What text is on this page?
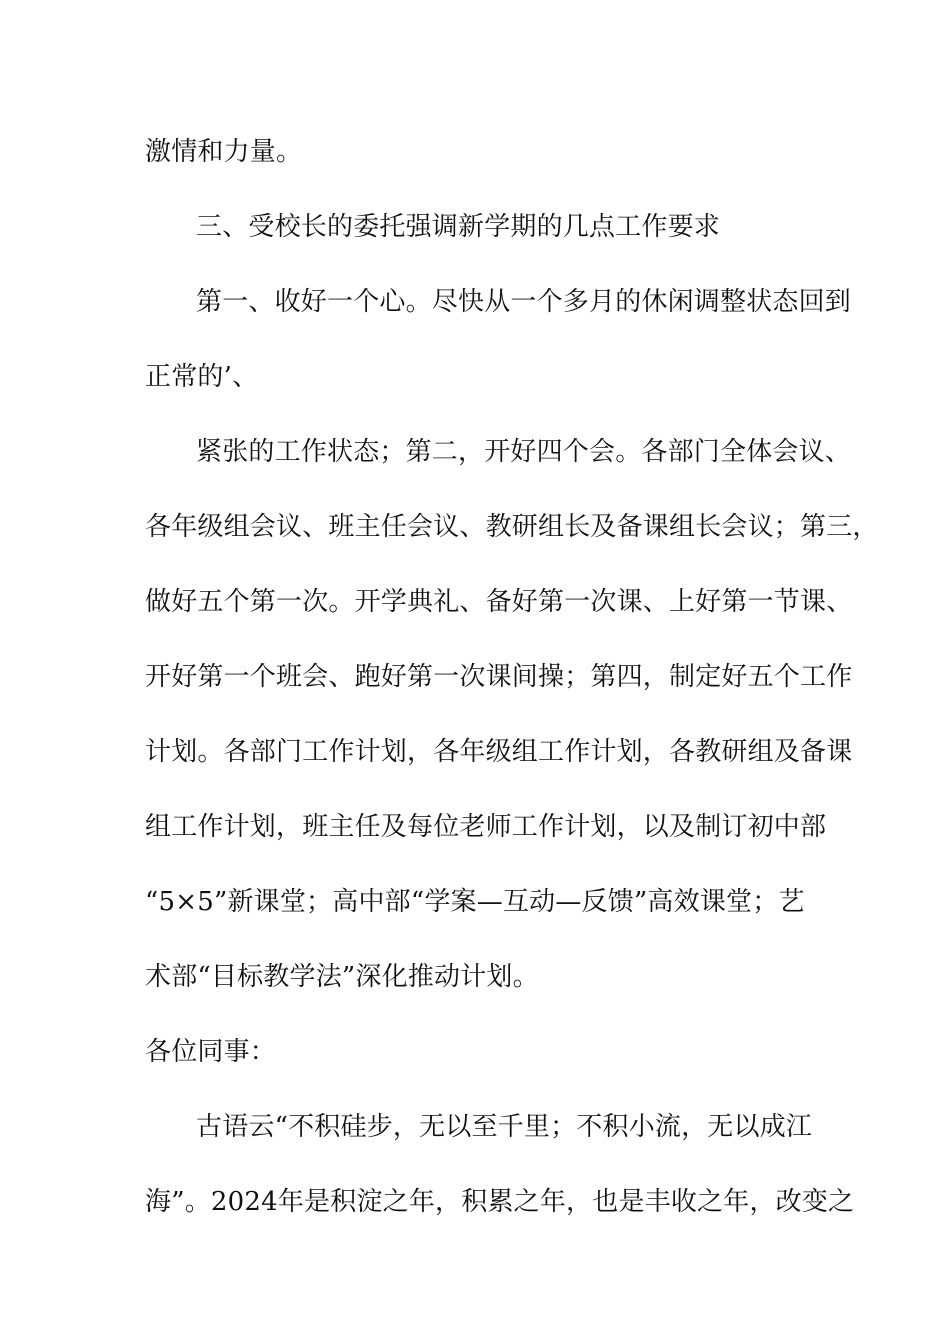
激情和力量。
三、受校长的委托强调新学期的几点工作要求
第一、收好一个心。尽快从一个多月的休闲调整状态回到
正常的’、
紧张的工作状态；第二，开好四个会。各部门全体会议、
各年级组会议、班主任会议、教研组长及备课组长会议；第三，
做好五个第一次。开学典礼、备好第一次课、上好第一节课、
开好第一个班会、跑好第一次课间操；第四，制定好五个工作
计划。各部门工作计划，各年级组工作计划，各教研组及备课
组工作计划，班主任及每位老师工作计划，以及制订初中部
“5×5”新课堂；高中部“学案—互动—反馈”高效课堂；艺
术部“目标教学法”深化推动计划。
各位同事：
古语云“不积硅步，无以至千里；不积小流，无以成江
海”。2024年是积淀之年，积累之年，也是丰收之年，改变之
